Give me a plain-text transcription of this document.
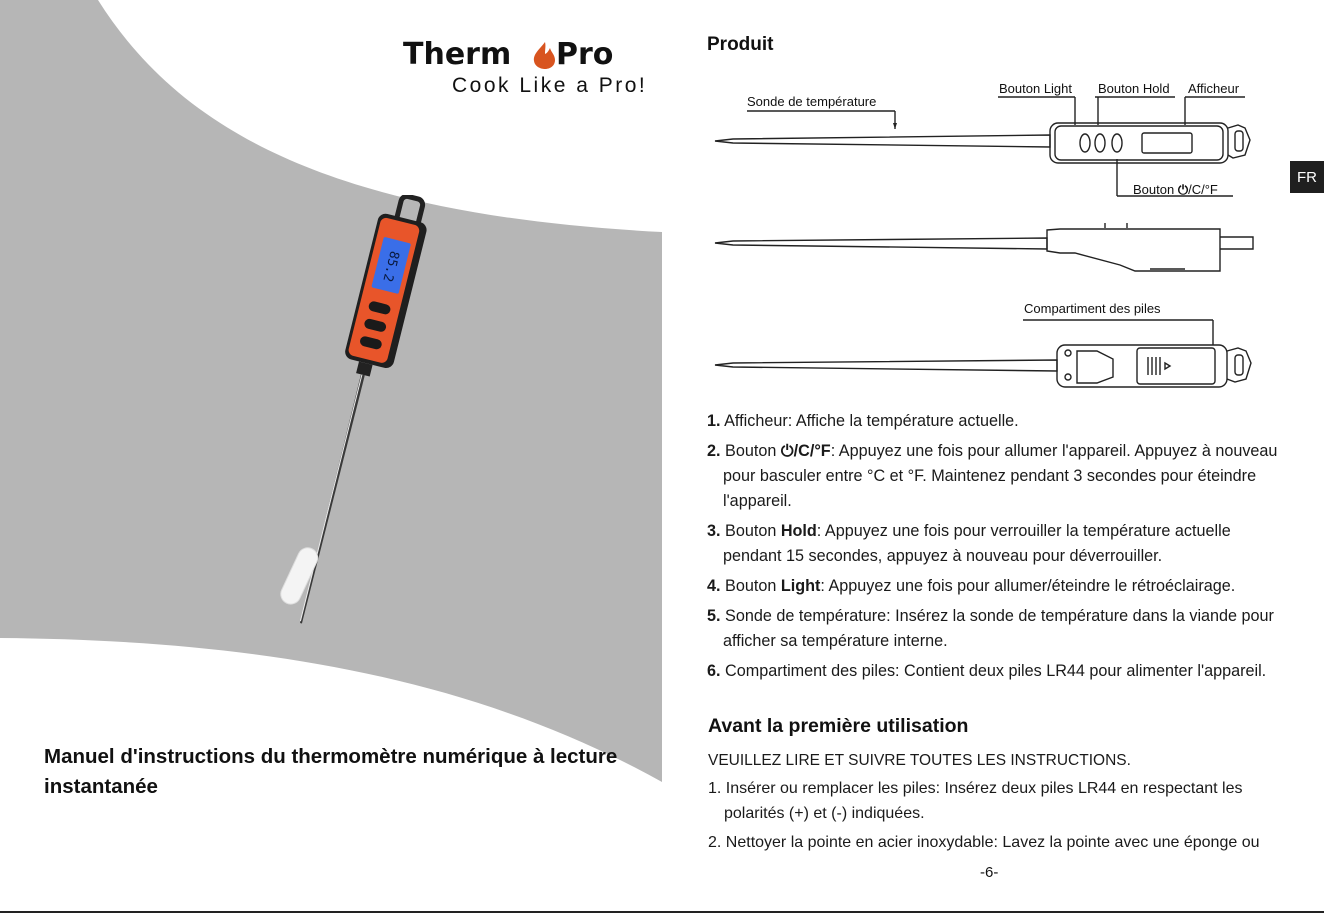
Therm Pro
Cook Like a Pro!
85.2
Manuel d'instructions du thermomètre numérique à lecture instantanée
Produit
Sonde de température
Bouton Light Bouton Hold Afficheur
Bouton ⏻/C/°F
Compartiment des piles
FR
1. Afficheur: Affiche la température actuelle.
2. Bouton ⏻/C/°F: Appuyez une fois pour allumer l'appareil. Appuyez à nouveau pour basculer entre °C et °F. Maintenez pendant 3 secondes pour éteindre l'appareil.
3. Bouton Hold: Appuyez une fois pour verrouiller la température actuelle pendant 15 secondes, appuyez à nouveau pour déverrouiller.
4. Bouton Light: Appuyez une fois pour allumer/éteindre le rétroéclairage.
5. Sonde de température: Insérez la sonde de température dans la viande pour afficher sa température interne.
6. Compartiment des piles: Contient deux piles LR44 pour alimenter l'appareil.
Avant la première utilisation
VEUILLEZ LIRE ET SUIVRE TOUTES LES INSTRUCTIONS.
1. Insérer ou remplacer les piles: Insérez deux piles LR44 en respectant les polarités (+) et (-) indiquées.
2. Nettoyer la pointe en acier inoxydable: Lavez la pointe avec une éponge ou
-6-
